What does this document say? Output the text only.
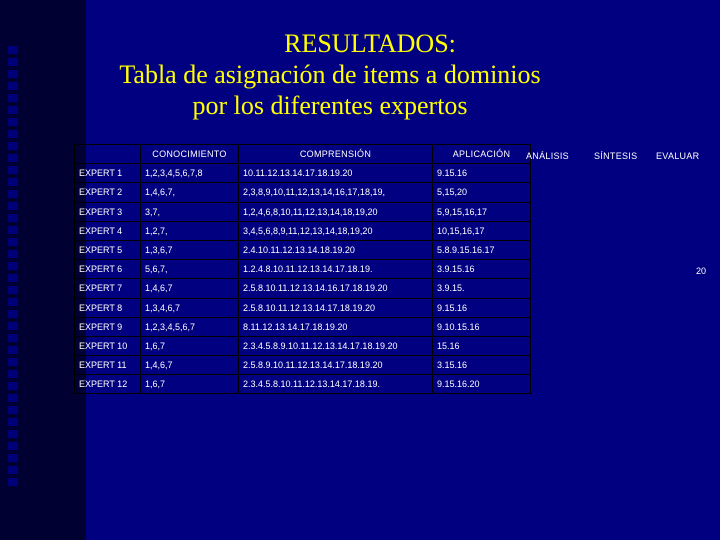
RESULTADOS:
Tabla de asignación de items a dominios
por los diferentes expertos
	CONOCIMIENTO	COMPRENSIÓN	APLICACIÓN
EXPERT 1	1,2,3,4,5,6,7,8	10.11.12.13.14.17.18.19.20	9.15.16
EXPERT 2	1,4,6,7,	2,3,8,9,10,11,12,13,14,16,17,18,19,	5,15,20
EXPERT 3	3,7,	1,2,4,6,8,10,11,12,13,14,18,19,20	5,9,15,16,17
EXPERT 4	1,2,7,	3,4,5,6,8,9,11,12,13,14,18,19,20	10,15,16,17
EXPERT 5	1,3,6,7	2.4.10.11.12.13.14.18.19.20	5.8.9.15.16.17
EXPERT 6	5,6,7,	1.2.4.8.10.11.12.13.14.17.18.19.	3.9.15.16
EXPERT 7	1,4,6,7	2.5.8.10.11.12.13.14.16.17.18.19.20	3.9.15.
EXPERT 8	1,3,4,6,7	2.5.8.10.11.12.13.14.17.18.19.20	9.15.16
EXPERT 9	1,2,3,4,5,6,7	8.11.12.13.14.17.18.19.20	9.10.15.16
EXPERT 10	1,6,7	2.3.4.5.8.9.10.11.12.13.14.17.18.19.20	15.16
EXPERT 11	1,4,6,7	2.5.8.9.10.11.12.13.14.17.18.19.20	3.15.16
EXPERT 12	1,6,7	2.3.4.5.8.10.11.12.13.14.17.18.19.	9.15.16.20
ANÁLISIS	SÍNTESIS EVALUAR
20
